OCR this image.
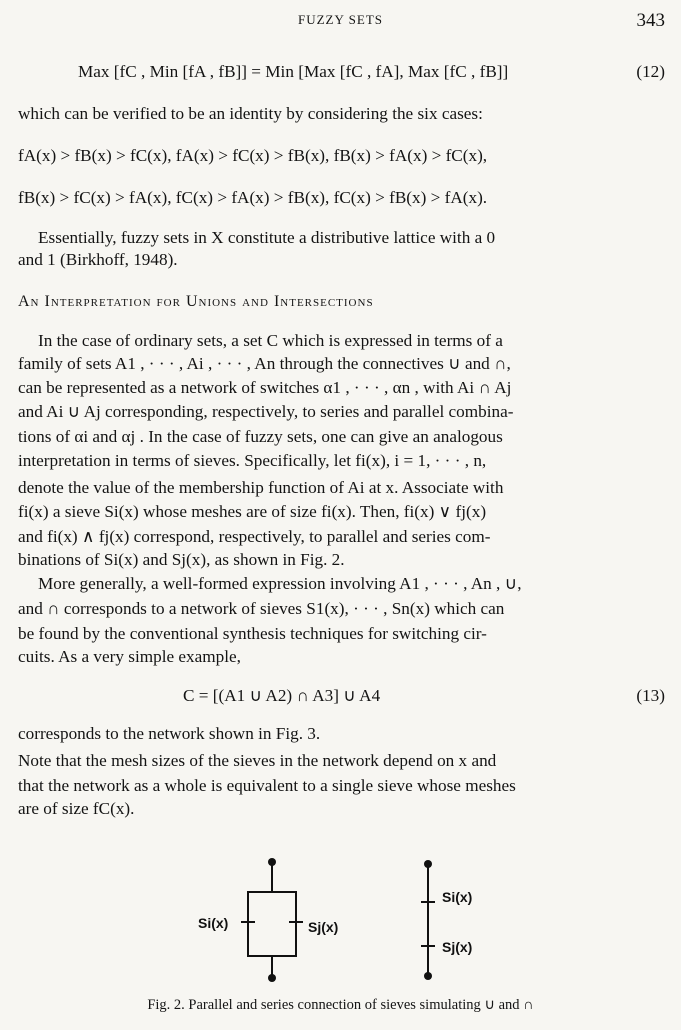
FUZZY SETS	343
Max [fC , Min [fA , fB]] = Min [Max [fC , fA], Max [fC , fB]]	(12)
which can be verified to be an identity by considering the six cases:
fA(x) > fB(x) > fC(x), fA(x) > fC(x) > fB(x), fB(x) > fA(x) > fC(x),
fB(x) > fC(x) > fA(x), fC(x) > fA(x) > fB(x), fC(x) > fB(x) > fA(x).
Essentially, fuzzy sets in X constitute a distributive lattice with a 0
and 1 (Birkhoff, 1948).
An Interpretation for Unions and Intersections
In the case of ordinary sets, a set C which is expressed in terms of a
family of sets A1 , · · · , Ai , · · · , An through the connectives ∪ and ∩,
can be represented as a network of switches α1 , · · · , αn , with Ai ∩ Aj
and Ai ∪ Aj corresponding, respectively, to series and parallel combina-
tions of αi and αj . In the case of fuzzy sets, one can give an analogous
interpretation in terms of sieves. Specifically, let fi(x), i = 1, · · · , n,
denote the value of the membership function of Ai at x. Associate with
fi(x) a sieve Si(x) whose meshes are of size fi(x). Then, fi(x) ∨ fj(x)
and fi(x) ∧ fj(x) correspond, respectively, to parallel and series com-
binations of Si(x) and Sj(x), as shown in Fig. 2.
More generally, a well-formed expression involving A1 , · · · , An , ∪,
and ∩ corresponds to a network of sieves S1(x), · · · , Sn(x) which can
be found by the conventional synthesis techniques for switching cir-
cuits. As a very simple example,
C = [(A1 ∪ A2) ∩ A3] ∪ A4	(13)
corresponds to the network shown in Fig. 3.
Note that the mesh sizes of the sieves in the network depend on x and
that the network as a whole is equivalent to a single sieve whose meshes
are of size fC(x).
Si(x)	Sj(x)
Si(x)
Sj(x)
Fig. 2. Parallel and series connection of sieves simulating ∪ and ∩
